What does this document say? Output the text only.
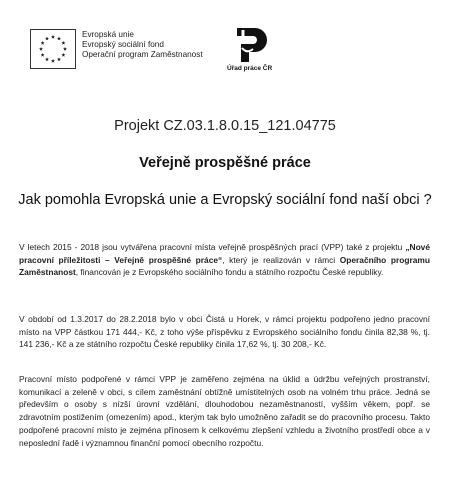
Evropská unie
Evropský sociální fond
Operační program Zaměstnanost
Úřad práce ČR
Projekt CZ.03.1.8.0.15_121.04775
Veřejně prospěšné práce
Jak pomohla Evropská unie a Evropský sociální fond naší obci ?
V letech 2015 - 2018 jsou vytvářena pracovní místa veřejně prospěšných prací (VPP) také z projektu „Nové pracovní příležitosti – Veřejně prospěšné práce“, který je realizován v rámci Operačního programu Zaměstnanost, financován je z Evropského sociálního fondu a státního rozpočtu České republiky.
V období od 1.3.2017 do 28.2.2018 bylo v obci Čistá u Horek, v rámci projektu podpořeno jedno pracovní místo na VPP částkou 171 444,- Kč, z toho výše příspěvku z Evropského sociálního fondu činila 82,38 %, tj. 141 236,- Kč a ze státního rozpočtu České republiky činila 17,62 %, tj. 30 208,- Kč.
Pracovní místo podpořené v rámci VPP je zaměřeno zejména na úklid a údržbu veřejných prostranství, komunikací a zeleně v obci, s cílem zaměstnání obtížně umístitelných osob na volném trhu práce. Jedná se především o osoby s nízší úrovní vzdělání, dlouhodobou nezaměstnaností, vyšším věkem, popř. se zdravotním postižením (omezením) apod., kterým tak bylo umožněno zařadit se do pracovního procesu. Takto podpořené pracovní místo je zejména přínosem k celkovému zlepšení vzhledu a životního prostředí obce a v neposlední řadě i významnou finanční pomocí obecního rozpočtu.
